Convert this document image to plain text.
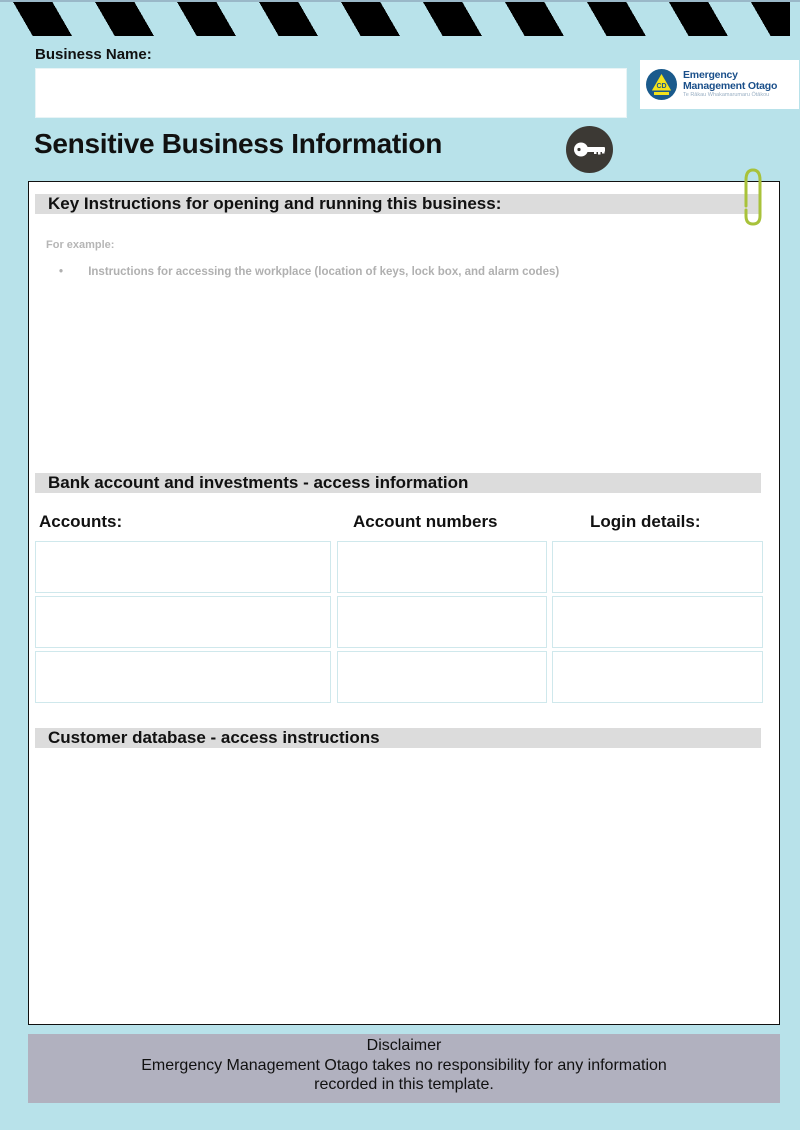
Business Name:
CD
Emergency
Management Otago
Te Rākau Whakamarumaru Ōtākou
Sensitive Business Information
Key Instructions for opening and running this business:
For example:
• Instructions for accessing the workplace (location of keys, lock box, and alarm codes)
Bank account and investments - access information
Accounts:	Account numbers	Login details:
Customer database - access instructions
Disclaimer
Emergency Management Otago takes no responsibility for any information
recorded in this template.
